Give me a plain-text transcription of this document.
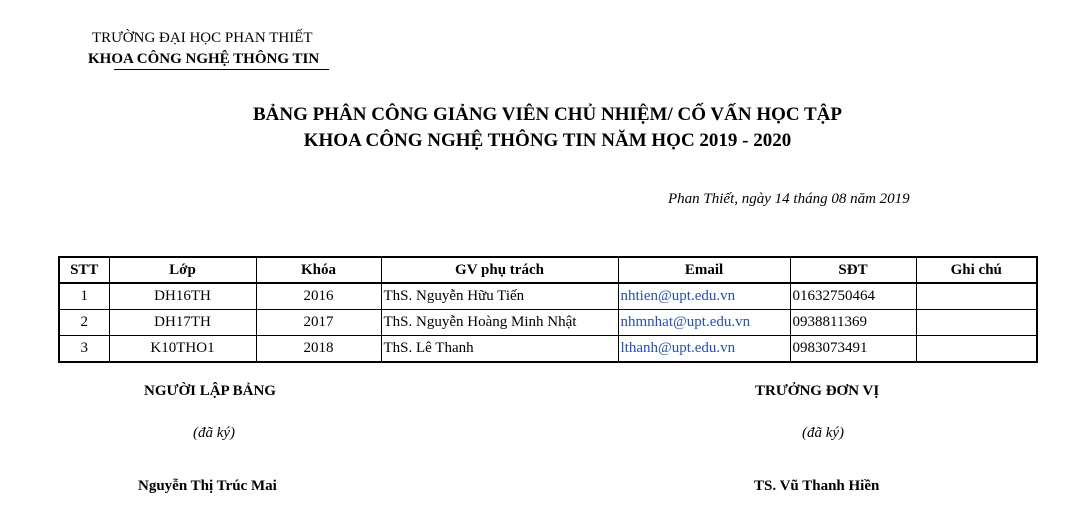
TRƯỜNG ĐẠI HỌC PHAN THIẾT
KHOA CÔNG NGHỆ THÔNG TIN
BẢNG PHÂN CÔNG GIẢNG VIÊN CHỦ NHIỆM/ CỐ VẤN HỌC TẬP
KHOA CÔNG NGHỆ THÔNG TIN NĂM HỌC 2019 - 2020
Phan Thiết, ngày 14 tháng 08 năm 2019
STT	Lớp	Khóa	GV phụ trách	Email	SĐT	Ghi chú
1	DH16TH	2016	ThS. Nguyễn Hữu Tiến	nhtien@upt.edu.vn	01632750464	
2	DH17TH	2017	ThS. Nguyễn Hoàng Minh Nhật	nhmnhat@upt.edu.vn	0938811369	
3	K10THO1	2018	ThS. Lê Thanh	lthanh@upt.edu.vn	0983073491	
NGƯỜI LẬP BẢNG
(đã ký)
Nguyễn Thị Trúc Mai
TRƯỞNG ĐƠN VỊ
(đã ký)
TS. Vũ Thanh Hiền
